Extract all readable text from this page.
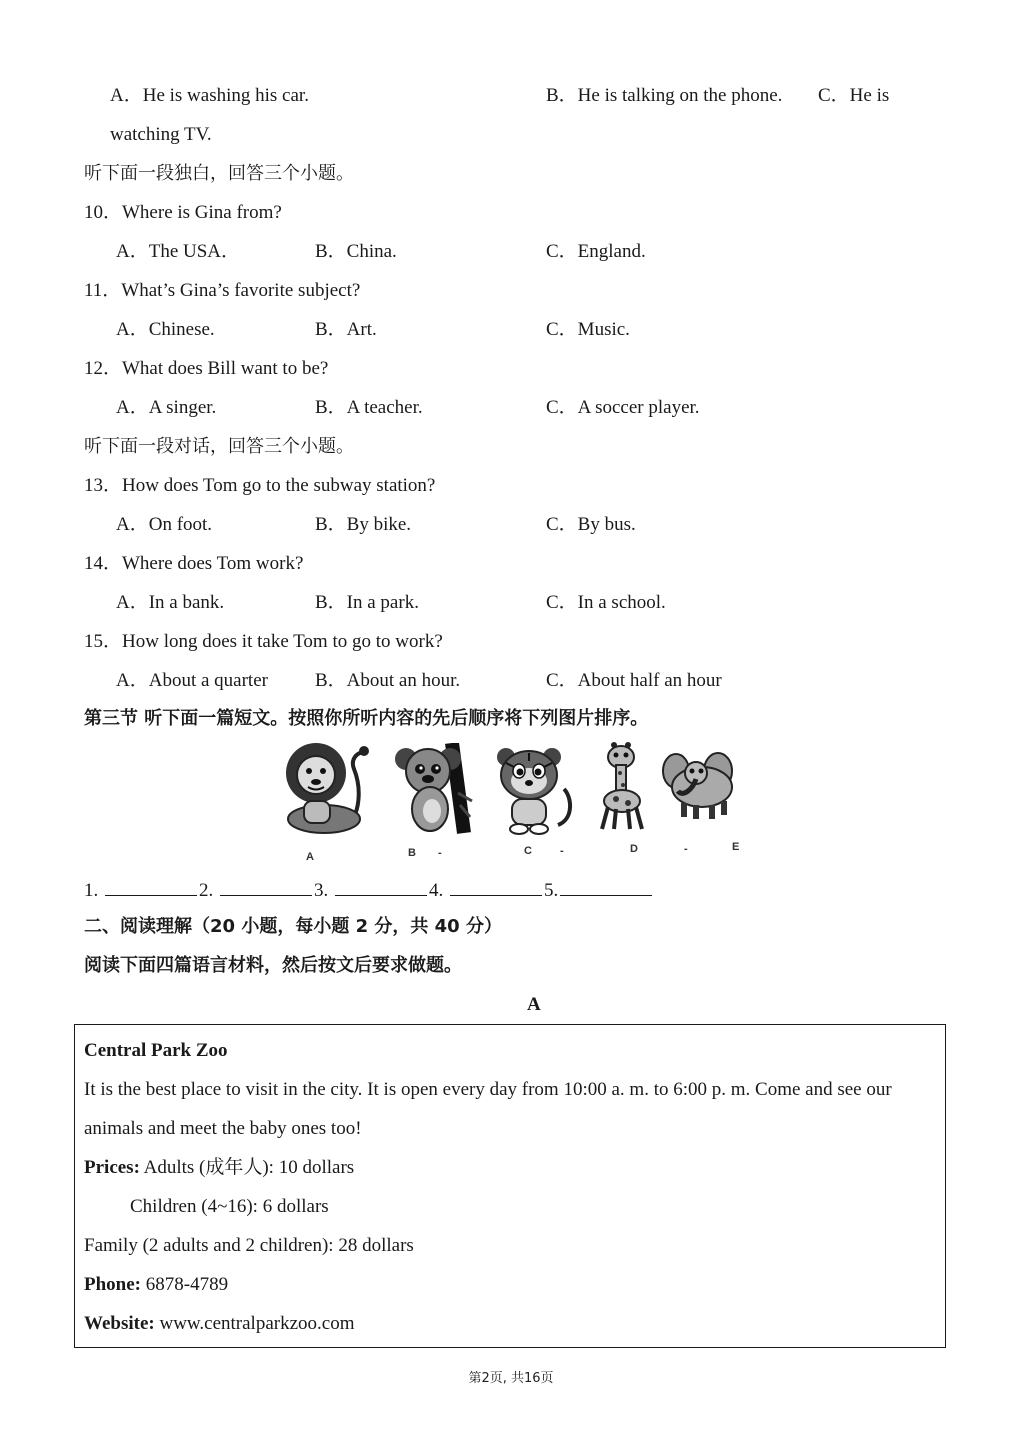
A．He is washing his car.	B．He is talking on the phone. C．He is
watching TV.
听下面一段独白，回答三个小题。
10．Where is Gina from?
A．The USA．	B．China.	C．England.
11．What’s Gina’s favorite subject?
A．Chinese.	B．Art.	C．Music.
12．What does Bill want to be?
A．A singer.	B．A teacher.	C．A soccer player.
听下面一段对话，回答三个小题。
13．How does Tom go to the subway station?
A．On foot.	B．By bike.	C．By bus.
14．Where does Tom work?
A．In a bank.	B．In a park.	C．In a school.
15．How long does it take Tom to go to work?
A．About a quarter B．About an hour.	C．About half an hour
第三节 听下面一篇短文。按照你所听内容的先后顺序将下列图片排序。
A	B -	C	-	D	-	E
1.	2.	3.	4.	5.
二、阅读理解（20 小题，每小题 2 分，共 40 分）
阅读下面四篇语言材料，然后按文后要求做题。
A
Central Park Zoo
It is the best place to visit in the city. It is open every day from 10:00 a. m. to 6:00 p. m. Come and see our
animals and meet the baby ones too!
Prices: Adults (成年人): 10 dollars
Children (4~16): 6 dollars
Family (2 adults and 2 children): 28 dollars
Phone: 6878-4789
Website: www.centralparkzoo.com
第2页, 共16页
